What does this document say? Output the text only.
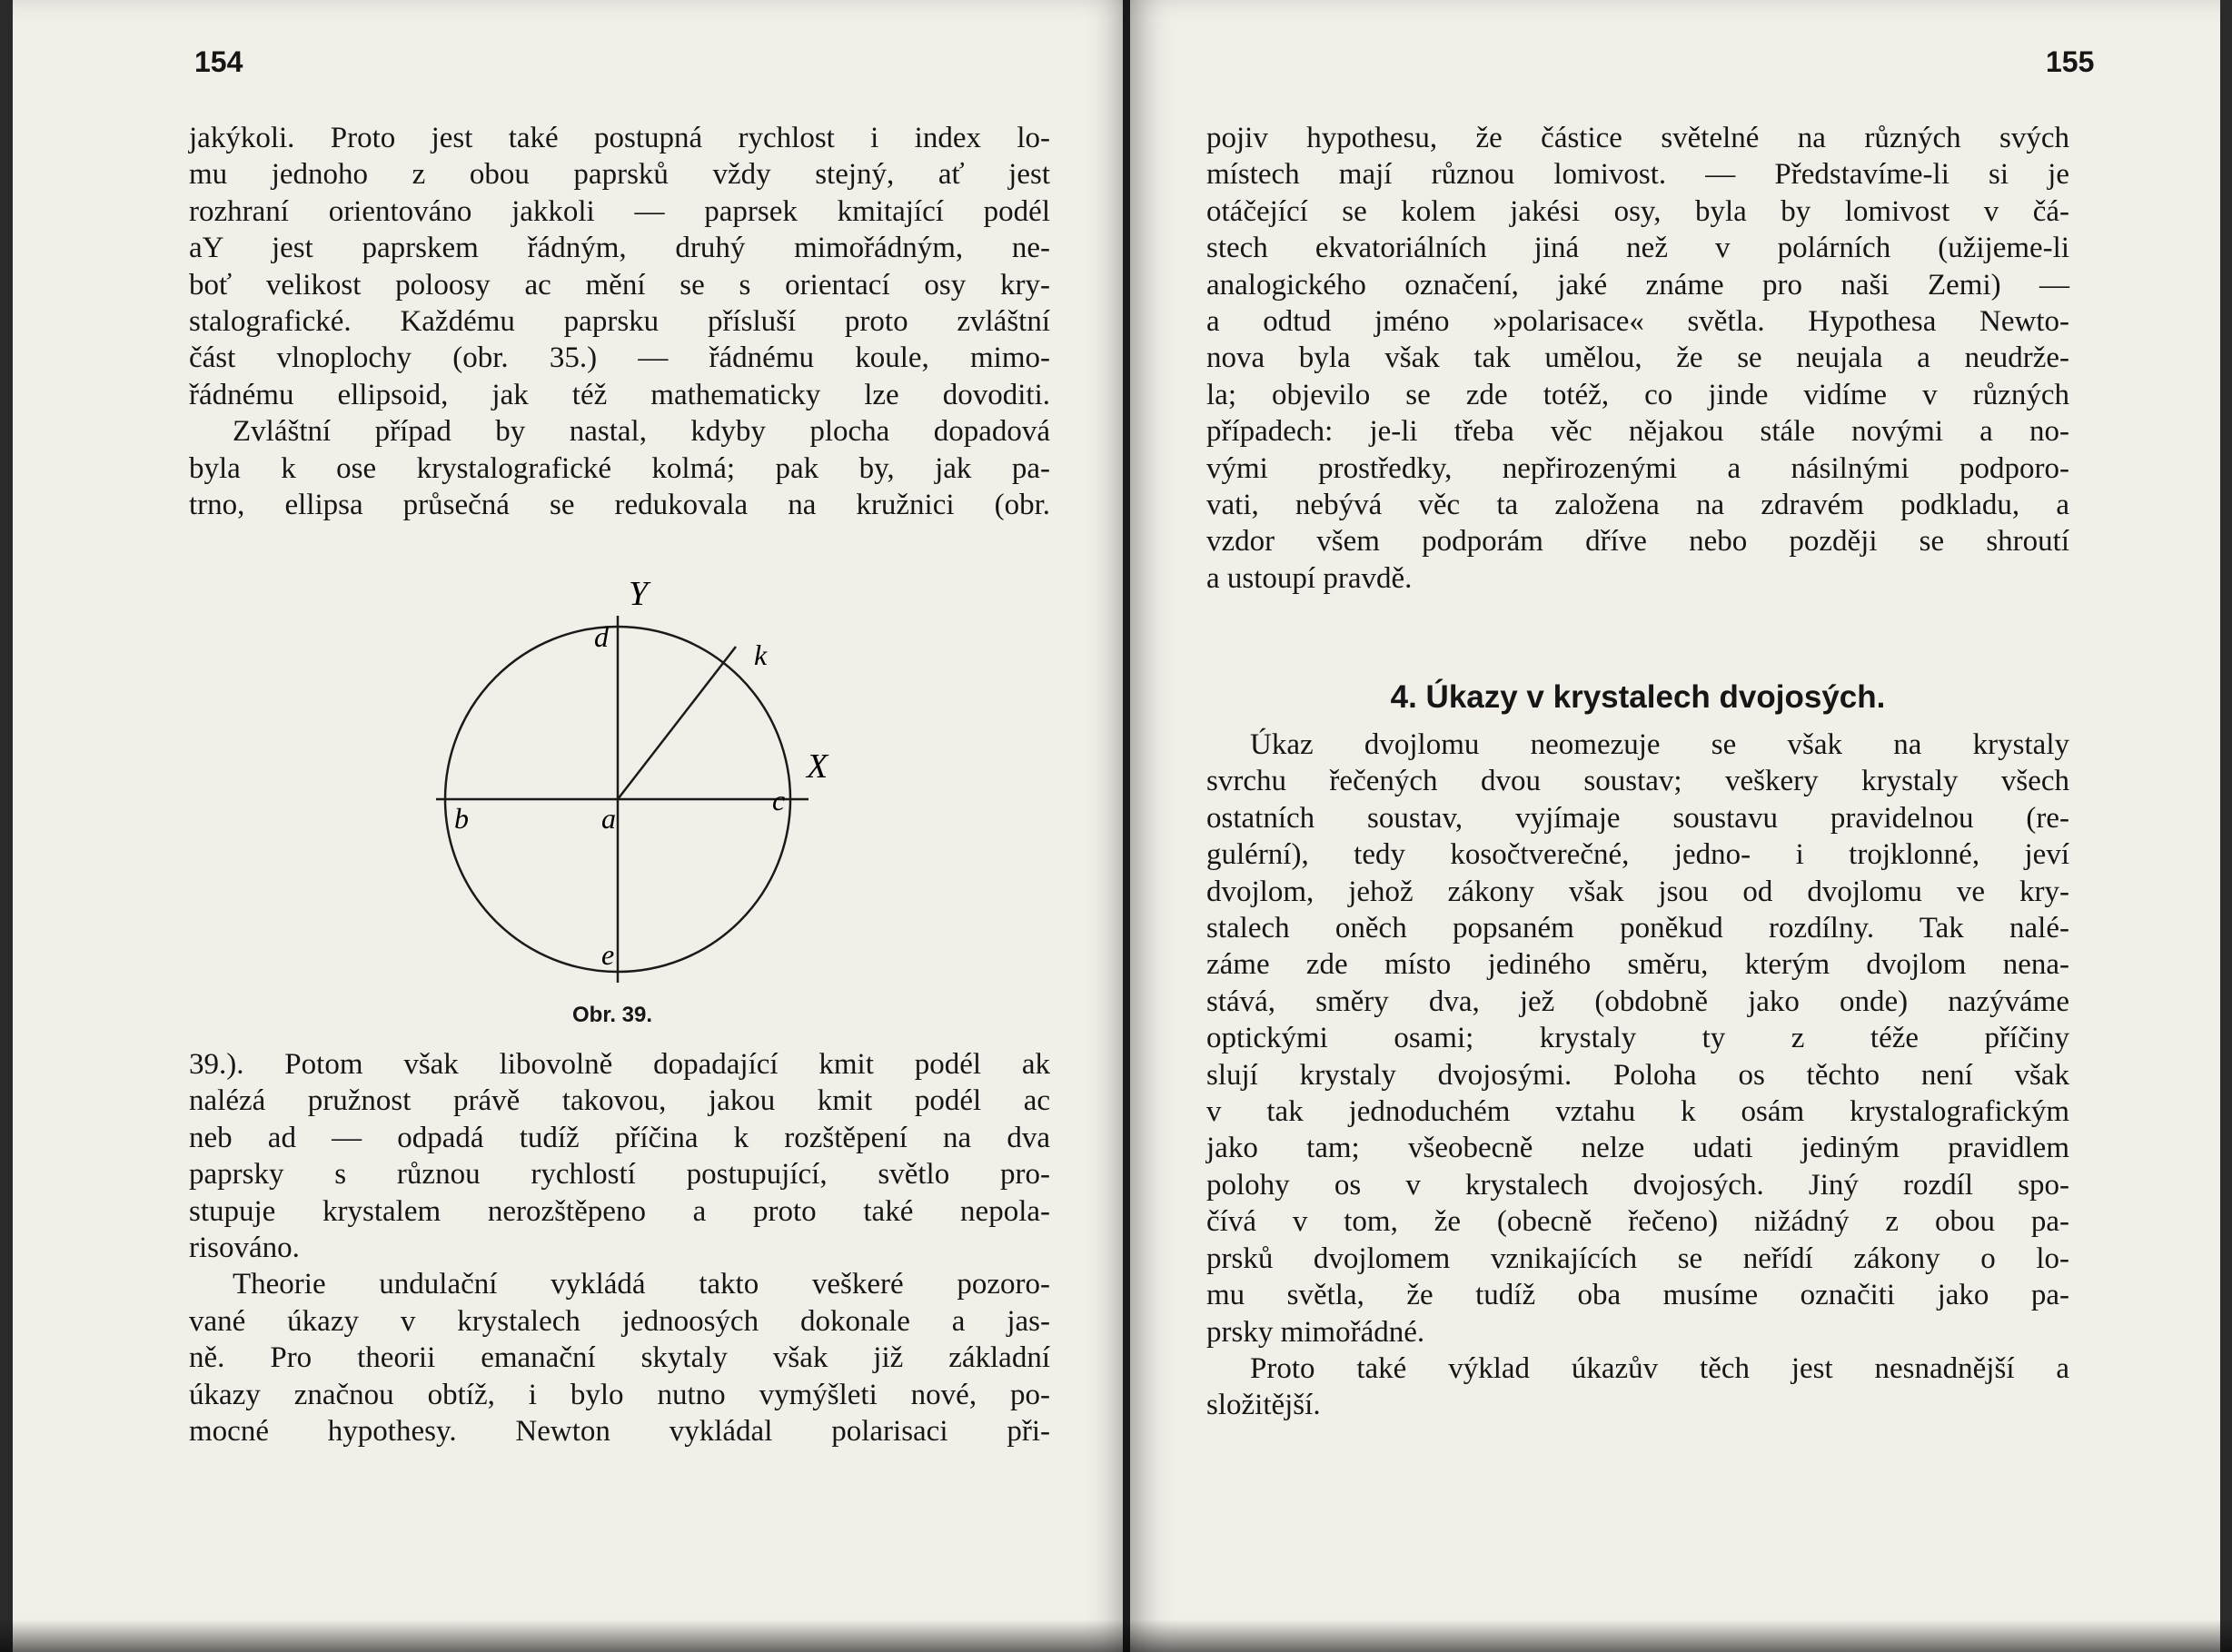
154	155
jakýkoli. Proto jest také postupná rychlost i index lo-
mu jednoho z obou paprsků vždy stejný, ať jest
rozhraní orientováno jakkoli — paprsek kmitající podél
aY jest paprskem řádným, druhý mimořádným, ne-
boť velikost poloosy ac mění se s orientací osy kry-
stalografické. Každému paprsku přísluší proto zvláštní
část vlnoplochy (obr. 35.) — řádnému koule, mimo-
řádnému ellipsoid, jak též mathematicky lze dovoditi.
Zvláštní případ by nastal, kdyby plocha dopadová
byla k ose krystalografické kolmá; pak by, jak pa-
trno, ellipsa průsečná se redukovala na kružnici (obr.
Y
X
d
k
b	a
c
e
Obr. 39.
39.). Potom však libovolně dopadající kmit podél ak
nalézá pružnost právě takovou, jakou kmit podél ac
neb ad — odpadá tudíž příčina k rozštěpení na dva
paprsky s různou rychlostí postupující, světlo pro-
stupuje krystalem nerozštěpeno a proto také nepola-
risováno.
Theorie undulační vykládá takto veškeré pozoro-
vané úkazy v krystalech jednoosých dokonale a jas-
ně. Pro theorii emanační skytaly však již základní
úkazy značnou obtíž, i bylo nutno vymýšleti nové, po-
mocné hypothesy. Newton vykládal polarisaci při-
pojiv hypothesu, že částice světelné na různých svých
místech mají různou lomivost. — Představíme-li si je
otáčející se kolem jakési osy, byla by lomivost v čá-
stech ekvatoriálních jiná než v polárních (užijeme-li
analogického označení, jaké známe pro naši Zemi) —
a odtud jméno »polarisace« světla. Hypothesa Newto-
nova byla však tak umělou, že se neujala a neudrže-
la; objevilo se zde totéž, co jinde vidíme v různých
případech: je-li třeba věc nějakou stále novými a no-
vými prostředky, nepřirozenými a násilnými podporo-
vati, nebývá věc ta založena na zdravém podkladu, a
vzdor všem podporám dříve nebo později se shroutí
a ustoupí pravdě.
4. Úkazy v krystalech dvojosých.
Úkaz dvojlomu neomezuje se však na krystaly
svrchu řečených dvou soustav; veškery krystaly všech
ostatních soustav, vyjímaje soustavu pravidelnou (re-
gulérní), tedy kosočtverečné, jedno- i trojklonné, jeví
dvojlom, jehož zákony však jsou od dvojlomu ve kry-
stalech oněch popsaném poněkud rozdílny. Tak nalé-
záme zde místo jediného směru, kterým dvojlom nena-
stává, směry dva, jež (obdobně jako onde) nazýváme
optickými osami; krystaly ty z téže příčiny
slují krystaly dvojosými. Poloha os těchto není však
v tak jednoduchém vztahu k osám krystalografickým
jako tam; všeobecně nelze udati jediným pravidlem
polohy os v krystalech dvojosých. Jiný rozdíl spo-
čívá v tom, že (obecně řečeno) nižádný z obou pa-
prsků dvojlomem vznikajících se neřídí zákony o lo-
mu světla, že tudíž oba musíme označiti jako pa-
prsky mimořádné.
Proto také výklad úkazův těch jest nesnadnější a
složitější.
